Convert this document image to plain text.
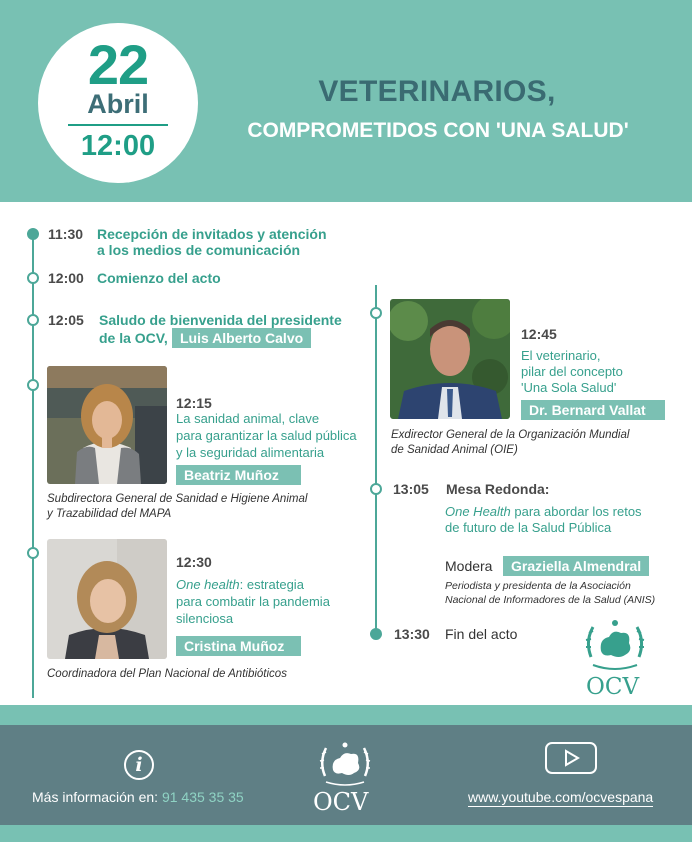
22
Abril
12:00
VETERINARIOS,
COMPROMETIDOS CON 'UNA SALUD'
11:30 Recepción de invitados y atención
a los medios de comunicación
12:00 Comienzo del acto
12:05 Saludo de bienvenida del presidente
de la OCV, Luis Alberto Calvo
12:15
La sanidad animal, clave
para garantizar la salud pública
y la seguridad alimentaria
Beatriz Muñoz
Subdirectora General de Sanidad e Higiene Animal
y Trazabilidad del MAPA
12:30
One health: estrategia
para combatir la pandemia
silenciosa
Cristina Muñoz
Coordinadora del Plan Nacional de Antibióticos
12:45
El veterinario,
pilar del concepto
'Una Sola Salud'
Dr. Bernard Vallat
Exdirector General de la Organización Mundial
de Sanidad Animal (OIE)
13:05 Mesa Redonda:
One Health para abordar los retos
de futuro de la Salud Pública
Modera	Graziella Almendral
Periodista y presidenta de la Asociación
Nacional de Informadores de la Salud (ANIS)
13:30 Fin del acto
OCV
i
Más información en: 91 435 35 35	OCV	www.youtube.com/ocvespana
